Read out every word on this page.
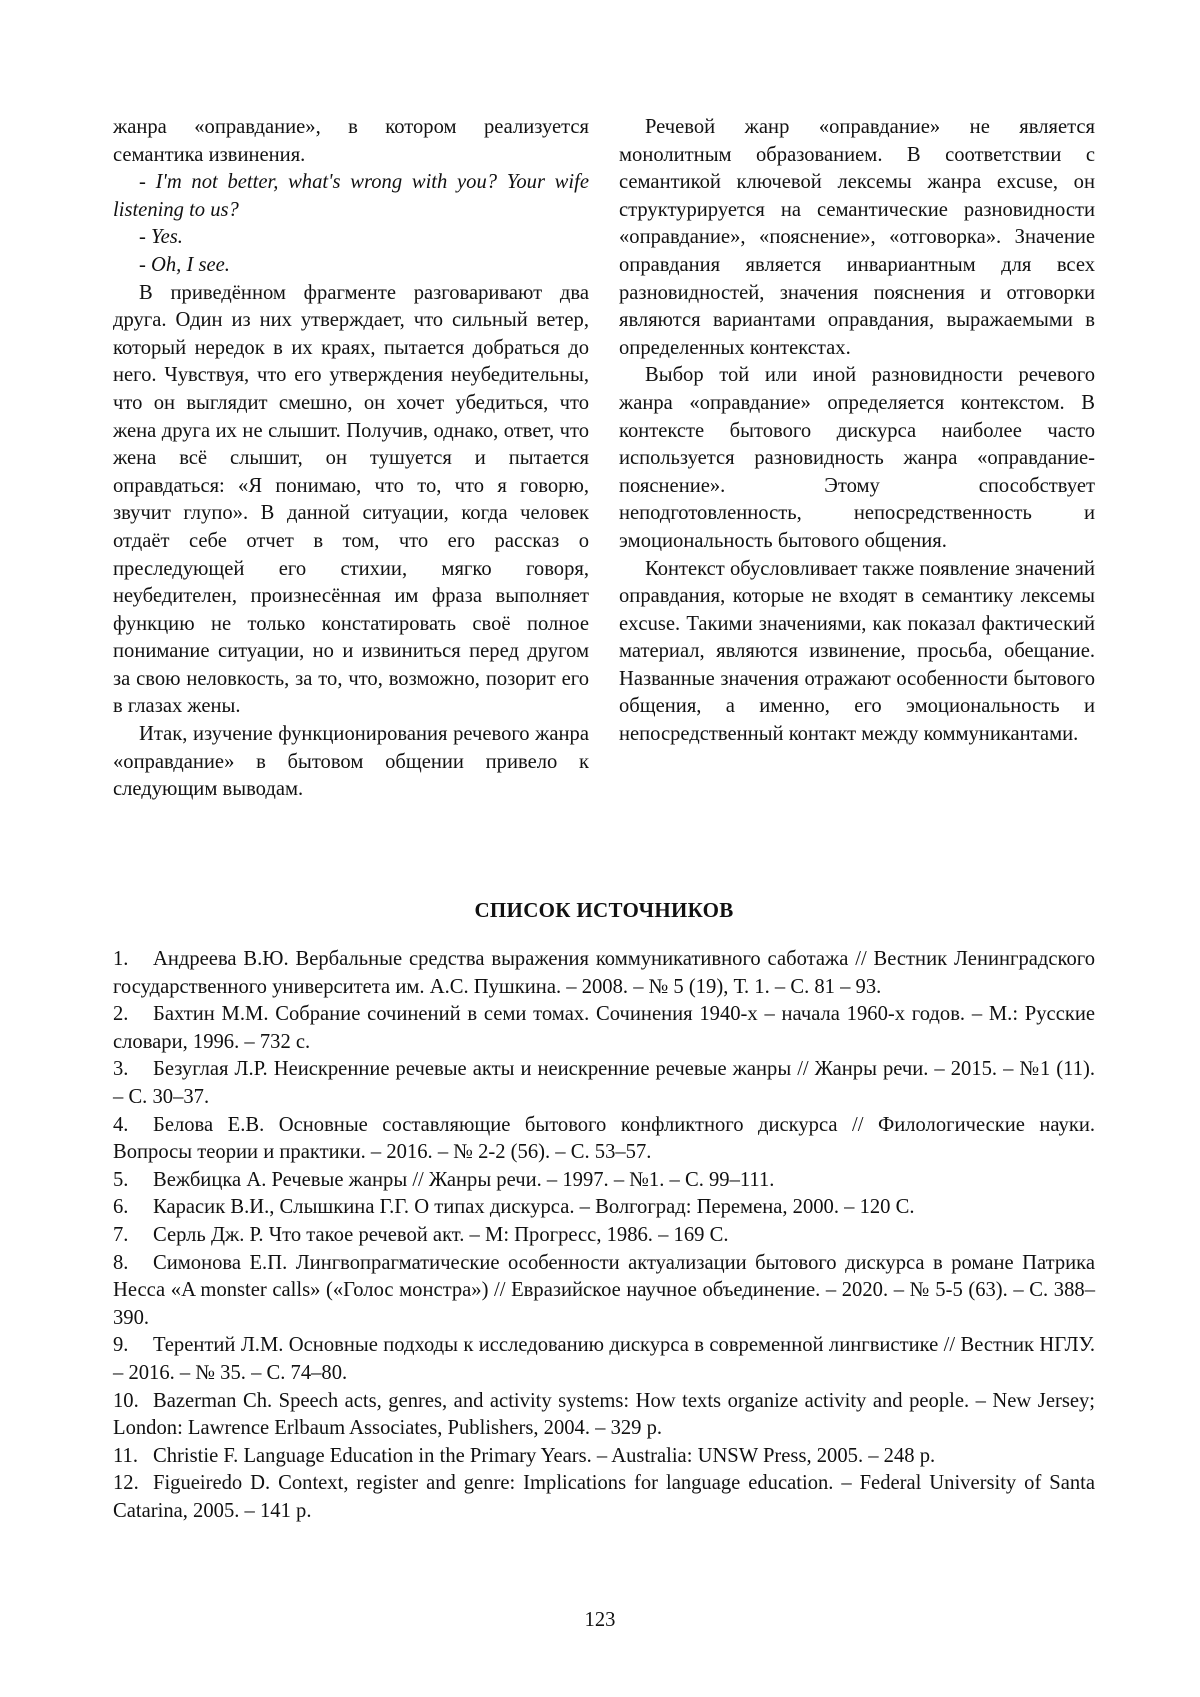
жанра «оправдание», в котором реализуется семантика извинения.

- I'm not better, what's wrong with you? Your wife listening to us?

- Yes.

- Oh, I see.

В приведённом фрагменте разговаривают два друга. Один из них утверждает, что сильный ветер, который нередок в их краях, пытается добраться до него. Чувствуя, что его утверждения неубедительны, что он выглядит смешно, он хочет убедиться, что жена друга их не слышит. Получив, однако, ответ, что жена всё слышит, он тушуется и пытается оправдаться: «Я понимаю, что то, что я говорю, звучит глупо». В данной ситуации, когда человек отдаёт себе отчет в том, что его рассказ о преследующей его стихии, мягко говоря, неубедителен, произнесённая им фраза выполняет функцию не только констатировать своё полное понимание ситуации, но и извиниться перед другом за свою неловкость, за то, что, возможно, позорит его в глазах жены.

Итак, изучение функционирования речевого жанра «оправдание» в бытовом общении привело к следующим выводам.

Речевой жанр «оправдание» не является монолитным образованием. В соответствии с семантикой ключевой лексемы жанра excuse, он структурируется на семантические разновидности «оправдание», «пояснение», «отговорка». Значение оправдания является инвариантным для всех разновидностей, значения пояснения и отговорки являются вариантами оправдания, выражаемыми в определенных контекстах.

Выбор той или иной разновидности речевого жанра «оправдание» определяется контекстом. В контексте бытового дискурса наиболее часто используется разновидность жанра «оправдание-пояснение». Этому способствует неподготовленность, непосредственность и эмоциональность бытового общения.

Контекст обусловливает также появление значений оправдания, которые не входят в семантику лексемы excuse. Такими значениями, как показал фактический материал, являются извинение, просьба, обещание. Названные значения отражают особенности бытового общения, а именно, его эмоциональность и непосредственный контакт между коммуникантами.

СПИСОК ИСТОЧНИКОВ

1. Андреева В.Ю. Вербальные средства выражения коммуникативного саботажа // Вестник Ленинградского государственного университета им. А.С. Пушкина. – 2008. – № 5 (19), Т. 1. – С. 81 – 93.

2. Бахтин М.М. Собрание сочинений в семи томах. Сочинения 1940-х – начала 1960-х годов. – М.: Русские словари, 1996. – 732 с.

3. Безуглая Л.Р. Неискренние речевые акты и неискренние речевые жанры // Жанры речи. – 2015. – №1 (11). – С. 30–37.

4. Белова Е.В. Основные составляющие бытового конфликтного дискурса // Филологические науки. Вопросы теории и практики. – 2016. – № 2-2 (56). – С. 53–57.

5. Вежбицка А. Речевые жанры // Жанры речи. – 1997. – №1. – С. 99–111.

6. Карасик В.И., Слышкина Г.Г. О типах дискурса. – Волгоград: Перемена, 2000. – 120 С.

7. Серль Дж. Р. Что такое речевой акт. – М: Прогресс, 1986. – 169 С.

8. Симонова Е.П. Лингвопрагматические особенности актуализации бытового дискурса в романе Патрика Несса «A monster calls» («Голос монстра») // Евразийское научное объединение. – 2020. – № 5-5 (63). – С. 388–390.

9. Терентий Л.М. Основные подходы к исследованию дискурса в современной лингвистике // Вестник НГЛУ. – 2016. – № 35. – С. 74–80.

10. Bazerman Ch. Speech acts, genres, and activity systems: How texts organize activity and people. – New Jersey; London: Lawrence Erlbaum Associates, Publishers, 2004. – 329 p.

11. Christie F. Language Education in the Primary Years. – Australia: UNSW Press, 2005. – 248 p.

12. Figueiredo D. Context, register and genre: Implications for language education. – Federal University of Santa Catarina, 2005. – 141 p.

123
